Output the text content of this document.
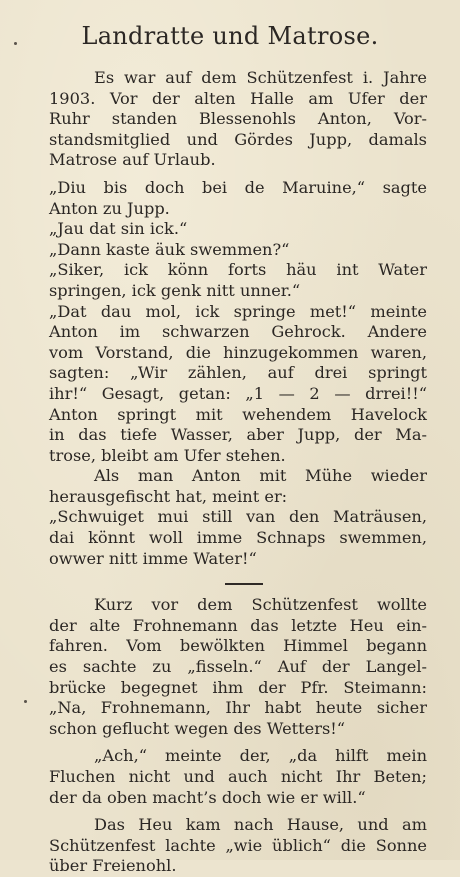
Landratte und Matrose.
Es war auf dem Schützenfest i. Jahre
1903. Vor der alten Halle am Ufer der
Ruhr standen Blessenohls Anton, Vor-
standsmitglied und Gördes Jupp, damals
Matrose auf Urlaub.
„Diu bis doch bei de Maruine,“ sagte
Anton zu Jupp.
„Jau dat sin ick.“
„Dann kaste äuk swemmen?“
„Siker, ick könn forts häu int Water
springen, ick genk nitt unner.“
„Dat dau mol, ick springe met!“ meinte
Anton im schwarzen Gehrock. Andere
vom Vorstand, die hinzugekommen waren,
sagten: „Wir zählen, auf drei springt
ihr!“ Gesagt, getan: „1 — 2 — drrei!!“
Anton springt mit wehendem Havelock
in das tiefe Wasser, aber Jupp, der Ma-
trose, bleibt am Ufer stehen.
Als man Anton mit Mühe wieder
herausgefischt hat, meint er:
„Schwuiget mui still van den Maträusen,
dai könnt woll imme Schnaps swemmen,
owwer nitt imme Water!“
Kurz vor dem Schützenfest wollte
der alte Frohnemann das letzte Heu ein-
fahren. Vom bewölkten Himmel begann
es sachte zu „fisseln.“ Auf der Langel-
brücke begegnet ihm der Pfr. Steimann:
„Na, Frohnemann, Ihr habt heute sicher
schon geflucht wegen des Wetters!“
„Ach,“ meinte der, „da hilft mein
Fluchen nicht und auch nicht Ihr Beten;
der da oben macht’s doch wie er will.“
Das Heu kam nach Hause, und am
Schützenfest lachte „wie üblich“ die Sonne
über Freienohl.
